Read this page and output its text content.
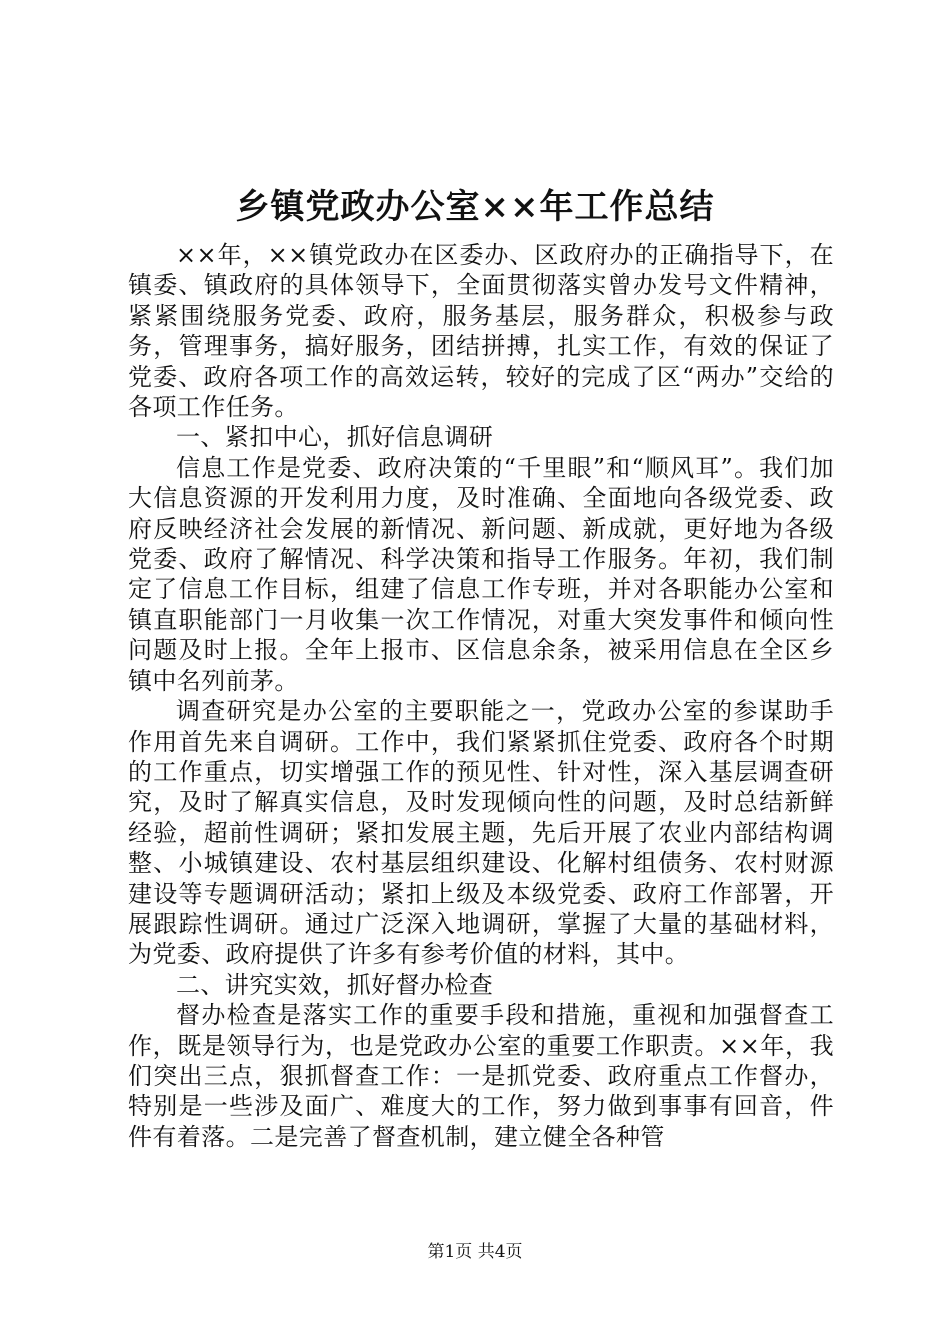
乡镇党政办公室××年工作总结

××年，××镇党政办在区委办、区政府办的正确指导下，在镇委、镇政府的具体领导下，全面贯彻落实曾办发号文件精神，紧紧围绕服务党委、政府，服务基层，服务群众，积极参与政务，管理事务，搞好服务，团结拼搏，扎实工作，有效的保证了党委、政府各项工作的高效运转，较好的完成了区“两办”交给的各项工作任务。

一、紧扣中心，抓好信息调研

信息工作是党委、政府决策的“千里眼”和“顺风耳”。我们加大信息资源的开发利用力度，及时准确、全面地向各级党委、政府反映经济社会发展的新情况、新问题、新成就，更好地为各级党委、政府了解情况、科学决策和指导工作服务。年初，我们制定了信息工作目标，组建了信息工作专班，并对各职能办公室和镇直职能部门一月收集一次工作情况，对重大突发事件和倾向性问题及时上报。全年上报市、区信息余条，被采用信息在全区乡镇中名列前茅。

调查研究是办公室的主要职能之一，党政办公室的参谋助手作用首先来自调研。工作中，我们紧紧抓住党委、政府各个时期的工作重点，切实增强工作的预见性、针对性，深入基层调查研究，及时了解真实信息，及时发现倾向性的问题，及时总结新鲜经验，超前性调研；紧扣发展主题，先后开展了农业内部结构调整、小城镇建设、农村基层组织建设、化解村组债务、农村财源建设等专题调研活动；紧扣上级及本级党委、政府工作部署，开展跟踪性调研。通过广泛深入地调研，掌握了大量的基础材料，为党委、政府提供了许多有参考价值的材料，其中。

二、讲究实效，抓好督办检查

督办检查是落实工作的重要手段和措施，重视和加强督查工作，既是领导行为，也是党政办公室的重要工作职责。××年，我们突出三点，狠抓督查工作：一是抓党委、政府重点工作督办，特别是一些涉及面广、难度大的工作，努力做到事事有回音，件件有着落。二是完善了督查机制，建立健全各种管

第1页 共4页
